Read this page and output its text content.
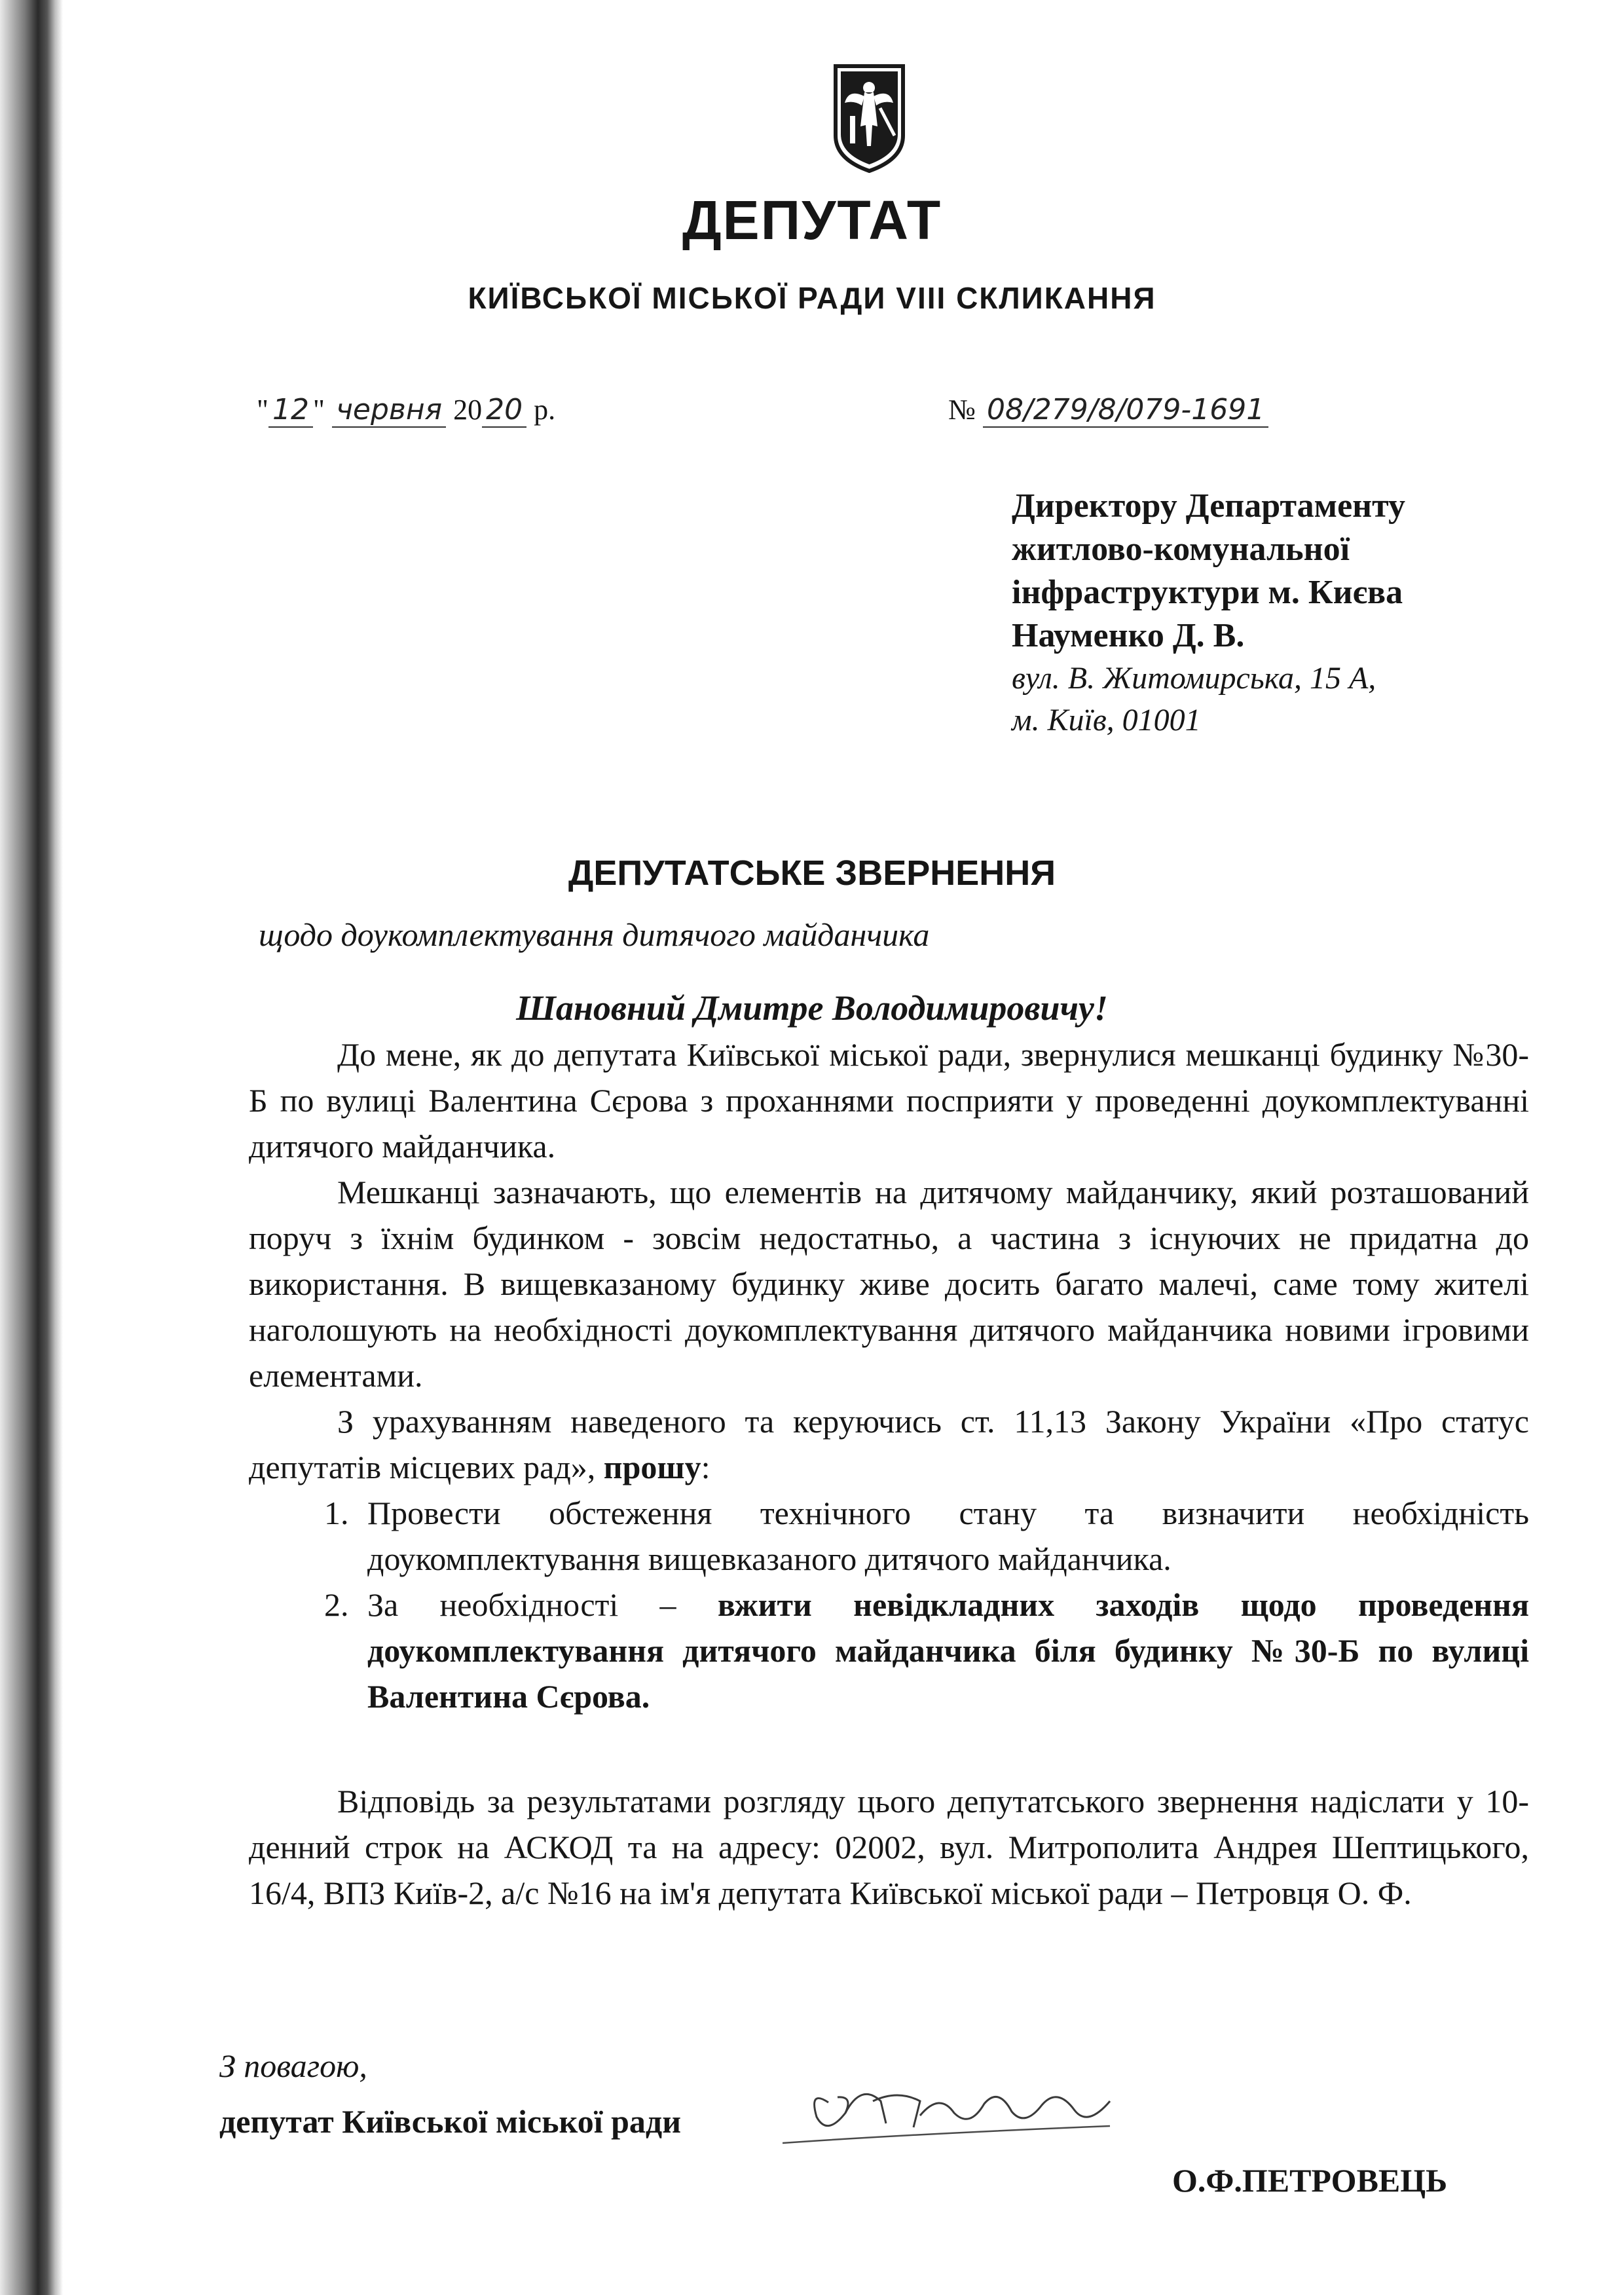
ДЕПУТАТ
КИЇВСЬКОЇ МІСЬКОЇ РАДИ VIII СКЛИКАННЯ
" 12 " червня 20 20 р.	№ 08/279/8/079-1691
Директору Департаменту
житлово-комунальної
інфраструктури м. Києва
Науменко Д. В.
вул. В. Житомирська, 15 А,
м. Київ, 01001
ДЕПУТАТСЬКЕ ЗВЕРНЕННЯ
щодо доукомплектування дитячого майданчика
Шановний Дмитре Володимировичу!

До мене, як до депутата Київської міської ради, звернулися мешканці будинку №30-Б по вулиці Валентина Сєрова з проханнями посприяти у проведенні доукомплектуванні дитячого майданчика.

Мешканці зазначають, що елементів на дитячому майданчику, який розташований поруч з їхнім будинком - зовсім недостатньо, а частина з існуючих не придатна до використання. В вищевказаному будинку живе досить багато малечі, саме тому жителі наголошують на необхідності доукомплектування дитячого майданчика новими ігровими елементами.

З урахуванням наведеного та керуючись ст. 11,13 Закону України «Про статус депутатів місцевих рад», прошу:

1. Провести обстеження технічного стану та визначити необхідність доукомплектування вищевказаного дитячого майданчика.
2. За необхідності – вжити невідкладних заходів щодо проведення доукомплектування дитячого майданчика біля будинку №30-Б по вулиці Валентина Сєрова.

Відповідь за результатами розгляду цього депутатського звернення надіслати у 10-денний строк на АСКОД та на адресу: 02002, вул. Митрополита Андрея Шептицького, 16/4, ВПЗ Київ-2, а/с №16 на ім'я депутата Київської міської ради – Петровця О. Ф.

З повагою,
депутат Київської міської ради
О.Ф.ПЕТРОВЕЦЬ
